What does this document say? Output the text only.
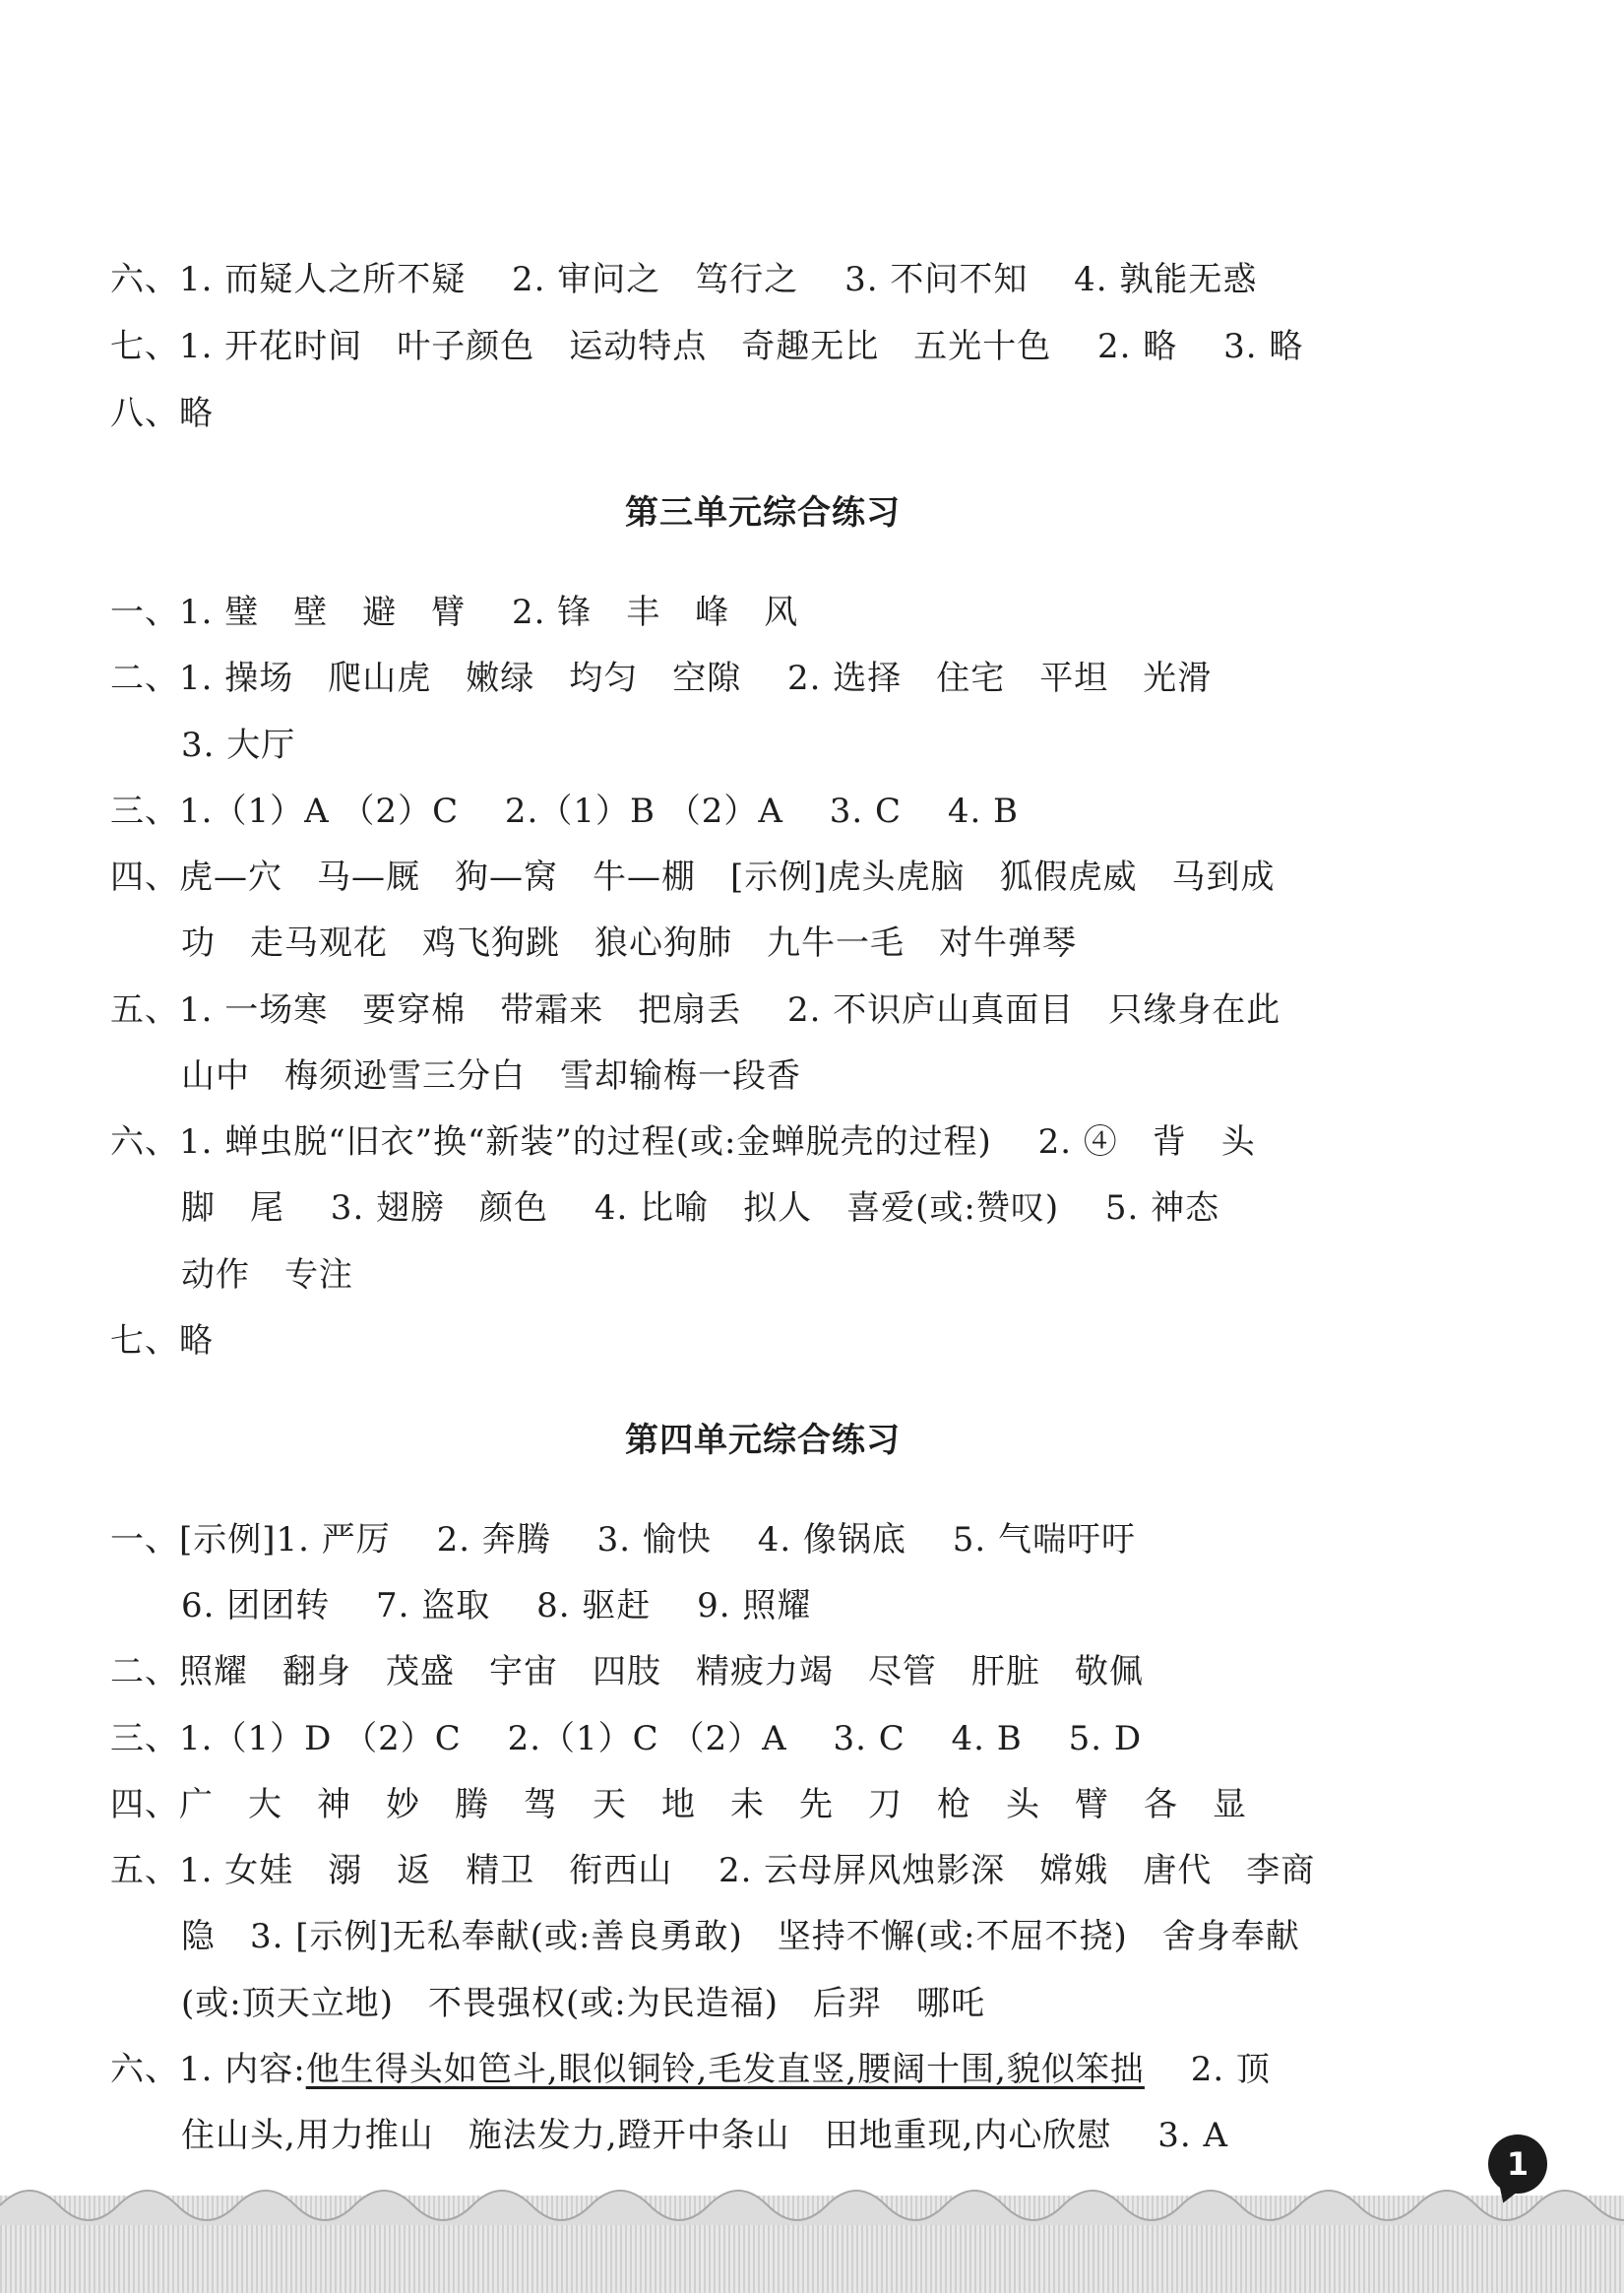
六、1. 而疑人之所不疑　 2. 审问之　笃行之　 3. 不问不知　 4. 孰能无惑

七、1. 开花时间　叶子颜色　运动特点　奇趣无比　五光十色　 2. 略　 3. 略

八、略

第三单元综合练习

一、1. 璧　壁　避　臂　 2. 锋　丰　峰　风

二、1. 操场　爬山虎　嫩绿　均匀　空隙　 2. 选择　住宅　平坦　光滑

3. 大厅

三、1.（1）A （2）C　 2.（1）B （2）A　 3. C　 4. B

四、虎—穴　马—厩　狗—窝　牛—棚　[示例]虎头虎脑　狐假虎威　马到成

功　走马观花　鸡飞狗跳　狼心狗肺　九牛一毛　对牛弹琴

五、1. 一场寒　要穿棉　带霜来　把扇丢　 2. 不识庐山真面目　只缘身在此

山中　梅须逊雪三分白　雪却输梅一段香

六、1. 蝉虫脱“旧衣”换“新装”的过程(或:金蝉脱壳的过程)　 2. ④　背　头

脚　尾　 3. 翅膀　颜色　 4. 比喻　拟人　喜爱(或:赞叹)　 5. 神态

动作　专注

七、略

第四单元综合练习

一、[示例]1. 严厉　 2. 奔腾　 3. 愉快　 4. 像锅底　 5. 气喘吁吁

6. 团团转　 7. 盗取　 8. 驱赶　 9. 照耀

二、照耀　翻身　茂盛　宇宙　四肢　精疲力竭　尽管　肝脏　敬佩

三、1.（1）D （2）C　 2.（1）C （2）A　 3. C　 4. B　 5. D

四、广　大　神　妙　腾　驾　天　地　未　先　刀　枪　头　臂　各　显

五、1. 女娃　溺　返　精卫　衔西山　 2. 云母屏风烛影深　嫦娥　唐代　李商

隐　3. [示例]无私奉献(或:善良勇敢)　坚持不懈(或:不屈不挠)　舍身奉献

(或:顶天立地)　不畏强权(或:为民造福)　后羿　哪吒

六、1. 内容:他生得头如笆斗,眼似铜铃,毛发直竖,腰阔十围,貌似笨拙　 2. 顶

住山头,用力推山　施法发力,蹬开中条山　田地重现,内心欣慰　 3. A

1
